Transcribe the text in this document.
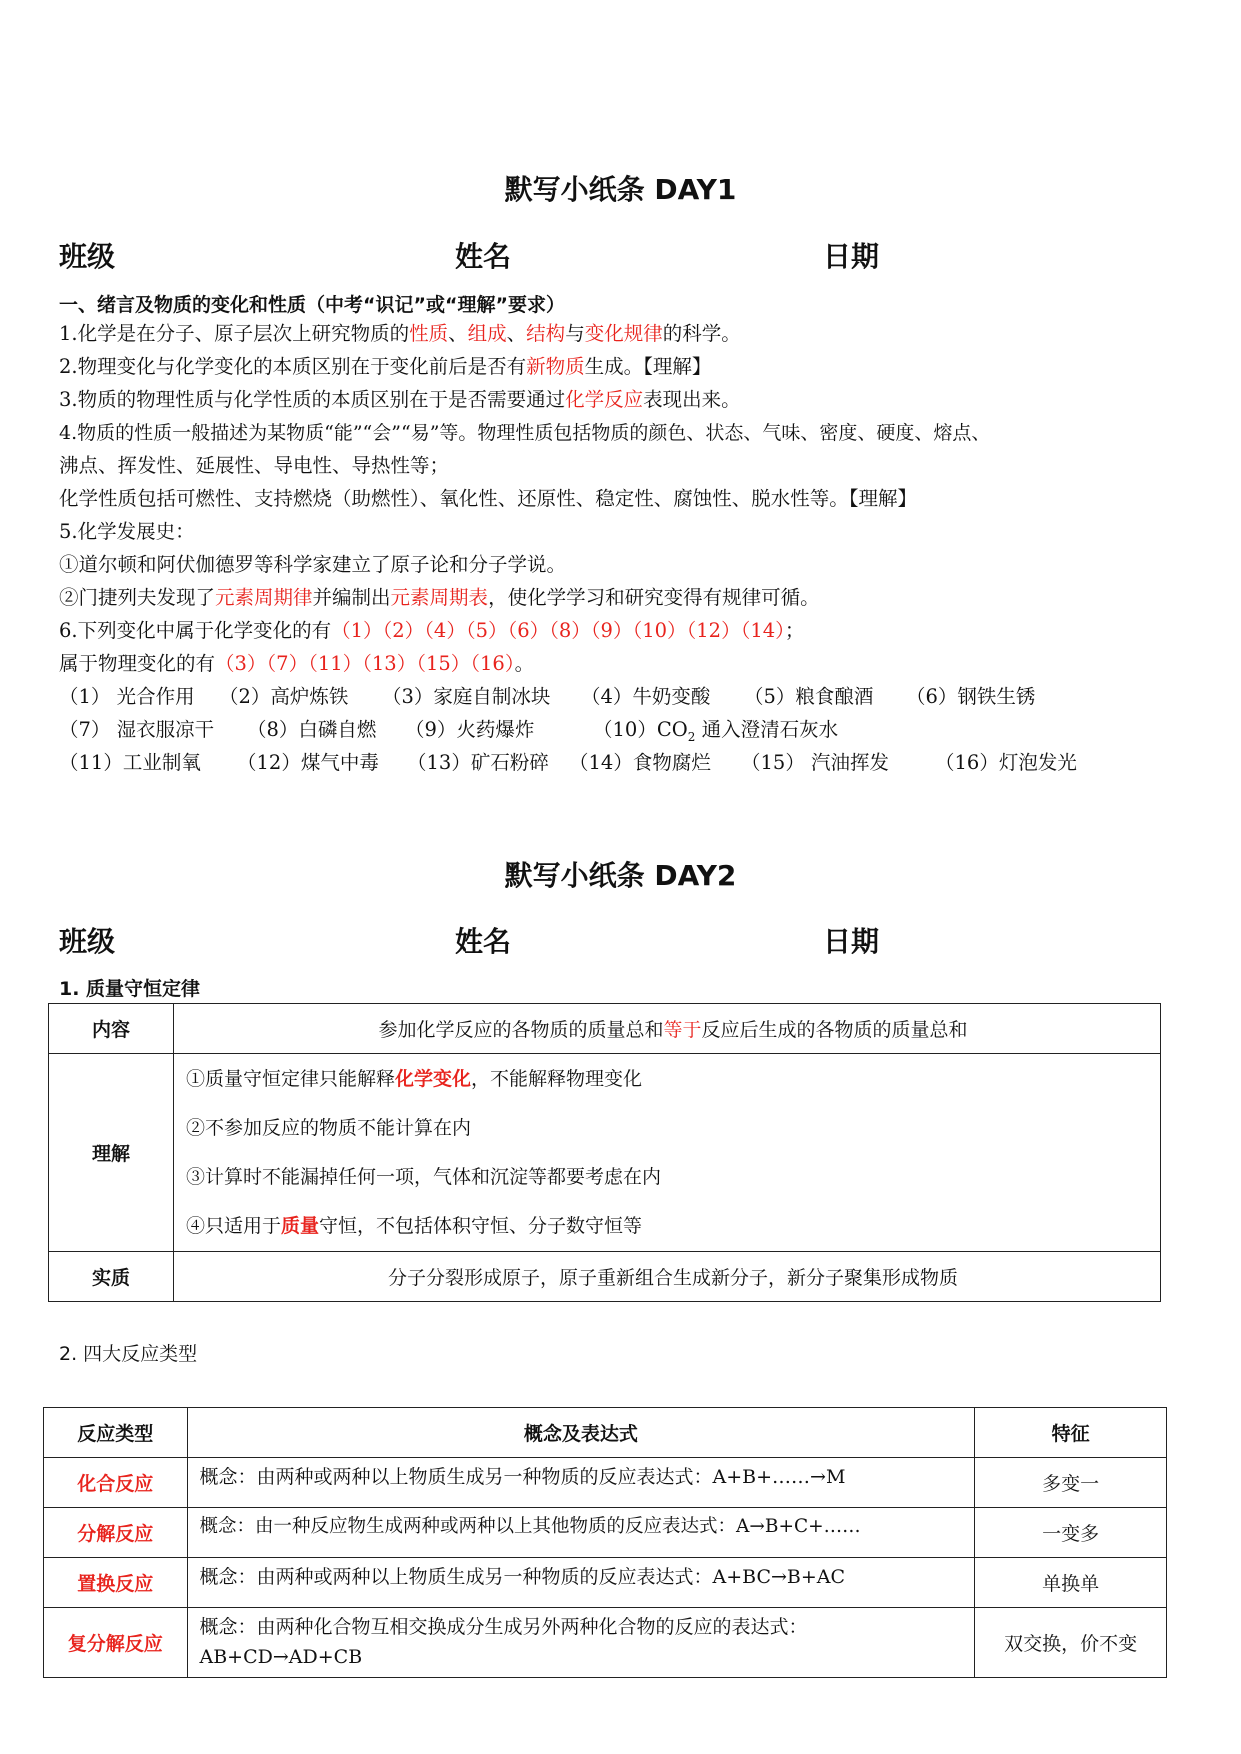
默写小纸条 DAY1
班级	姓名	日期
一、绪言及物质的变化和性质（中考“识记”或“理解”要求）
1.化学是在分子、原子层次上研究物质的性质、组成、结构与变化规律的科学。
2.物理变化与化学变化的本质区别在于变化前后是否有新物质生成。【理解】
3.物质的物理性质与化学性质的本质区别在于是否需要通过化学反应表现出来。
4.物质的性质一般描述为某物质“能”“会”“易”等。物理性质包括物质的颜色、状态、气味、密度、硬度、熔点、
沸点、挥发性、延展性、导电性、导热性等；
化学性质包括可燃性、支持燃烧（助燃性）、氧化性、还原性、稳定性、腐蚀性、脱水性等。【理解】
5.化学发展史：
①道尔顿和阿伏伽德罗等科学家建立了原子论和分子学说。
②门捷列夫发现了元素周期律并编制出元素周期表，使化学学习和研究变得有规律可循。
6.下列变化中属于化学变化的有（1）（2）（4）（5）（6）（8）（9）（10）（12）（14）；
属于物理变化的有（3）（7）（11）（13）（15）（16）。
（1） 光合作用 （2）高炉炼铁 （3）家庭自制冰块 （4）牛奶变酸 （5）粮食酿酒 （6）钢铁生锈
（7） 湿衣服凉干 （8）白磷自燃 （9）火药爆炸	$(10)CO_2$ 通入澄清石灰水
（11）工业制氧 （12）煤气中毒 （13）矿石粉碎 （14）食物腐烂 （15） 汽油挥发 （16）灯泡发光
默写小纸条 DAY2
班级	姓名	日期
1. 质量守恒定律
内容	参加化学反应的各物质的质量总和等于反应后生成的各物质的质量总和
理解	①质量守恒定律只能解释化学变化，不能解释物理变化
②不参加反应的物质不能计算在内
③计算时不能漏掉任何一项，气体和沉淀等都要考虑在内
④只适用于质量守恒，不包括体积守恒、分子数守恒等

实质	分子分裂形成原子，原子重新组合生成新分子，新分子聚集形成物质
2. 四大反应类型
反应类型	概念及表达式	特征
化合反应	概念：由两种或两种以上物质生成另一种物质的反应表达式：A+B+……→M	多变一
分解反应	概念：由一种反应物生成两种或两种以上其他物质的反应表达式：A→B+C+……	一变多
置换反应	概念：由两种或两种以上物质生成另一种物质的反应表达式：A+BC→B+AC	单换单
复分解反应	概念：由两种化合物互相交换成分生成另外两种化合物的反应的表达式：
AB+CD→AD+CB	双交换，价不变
